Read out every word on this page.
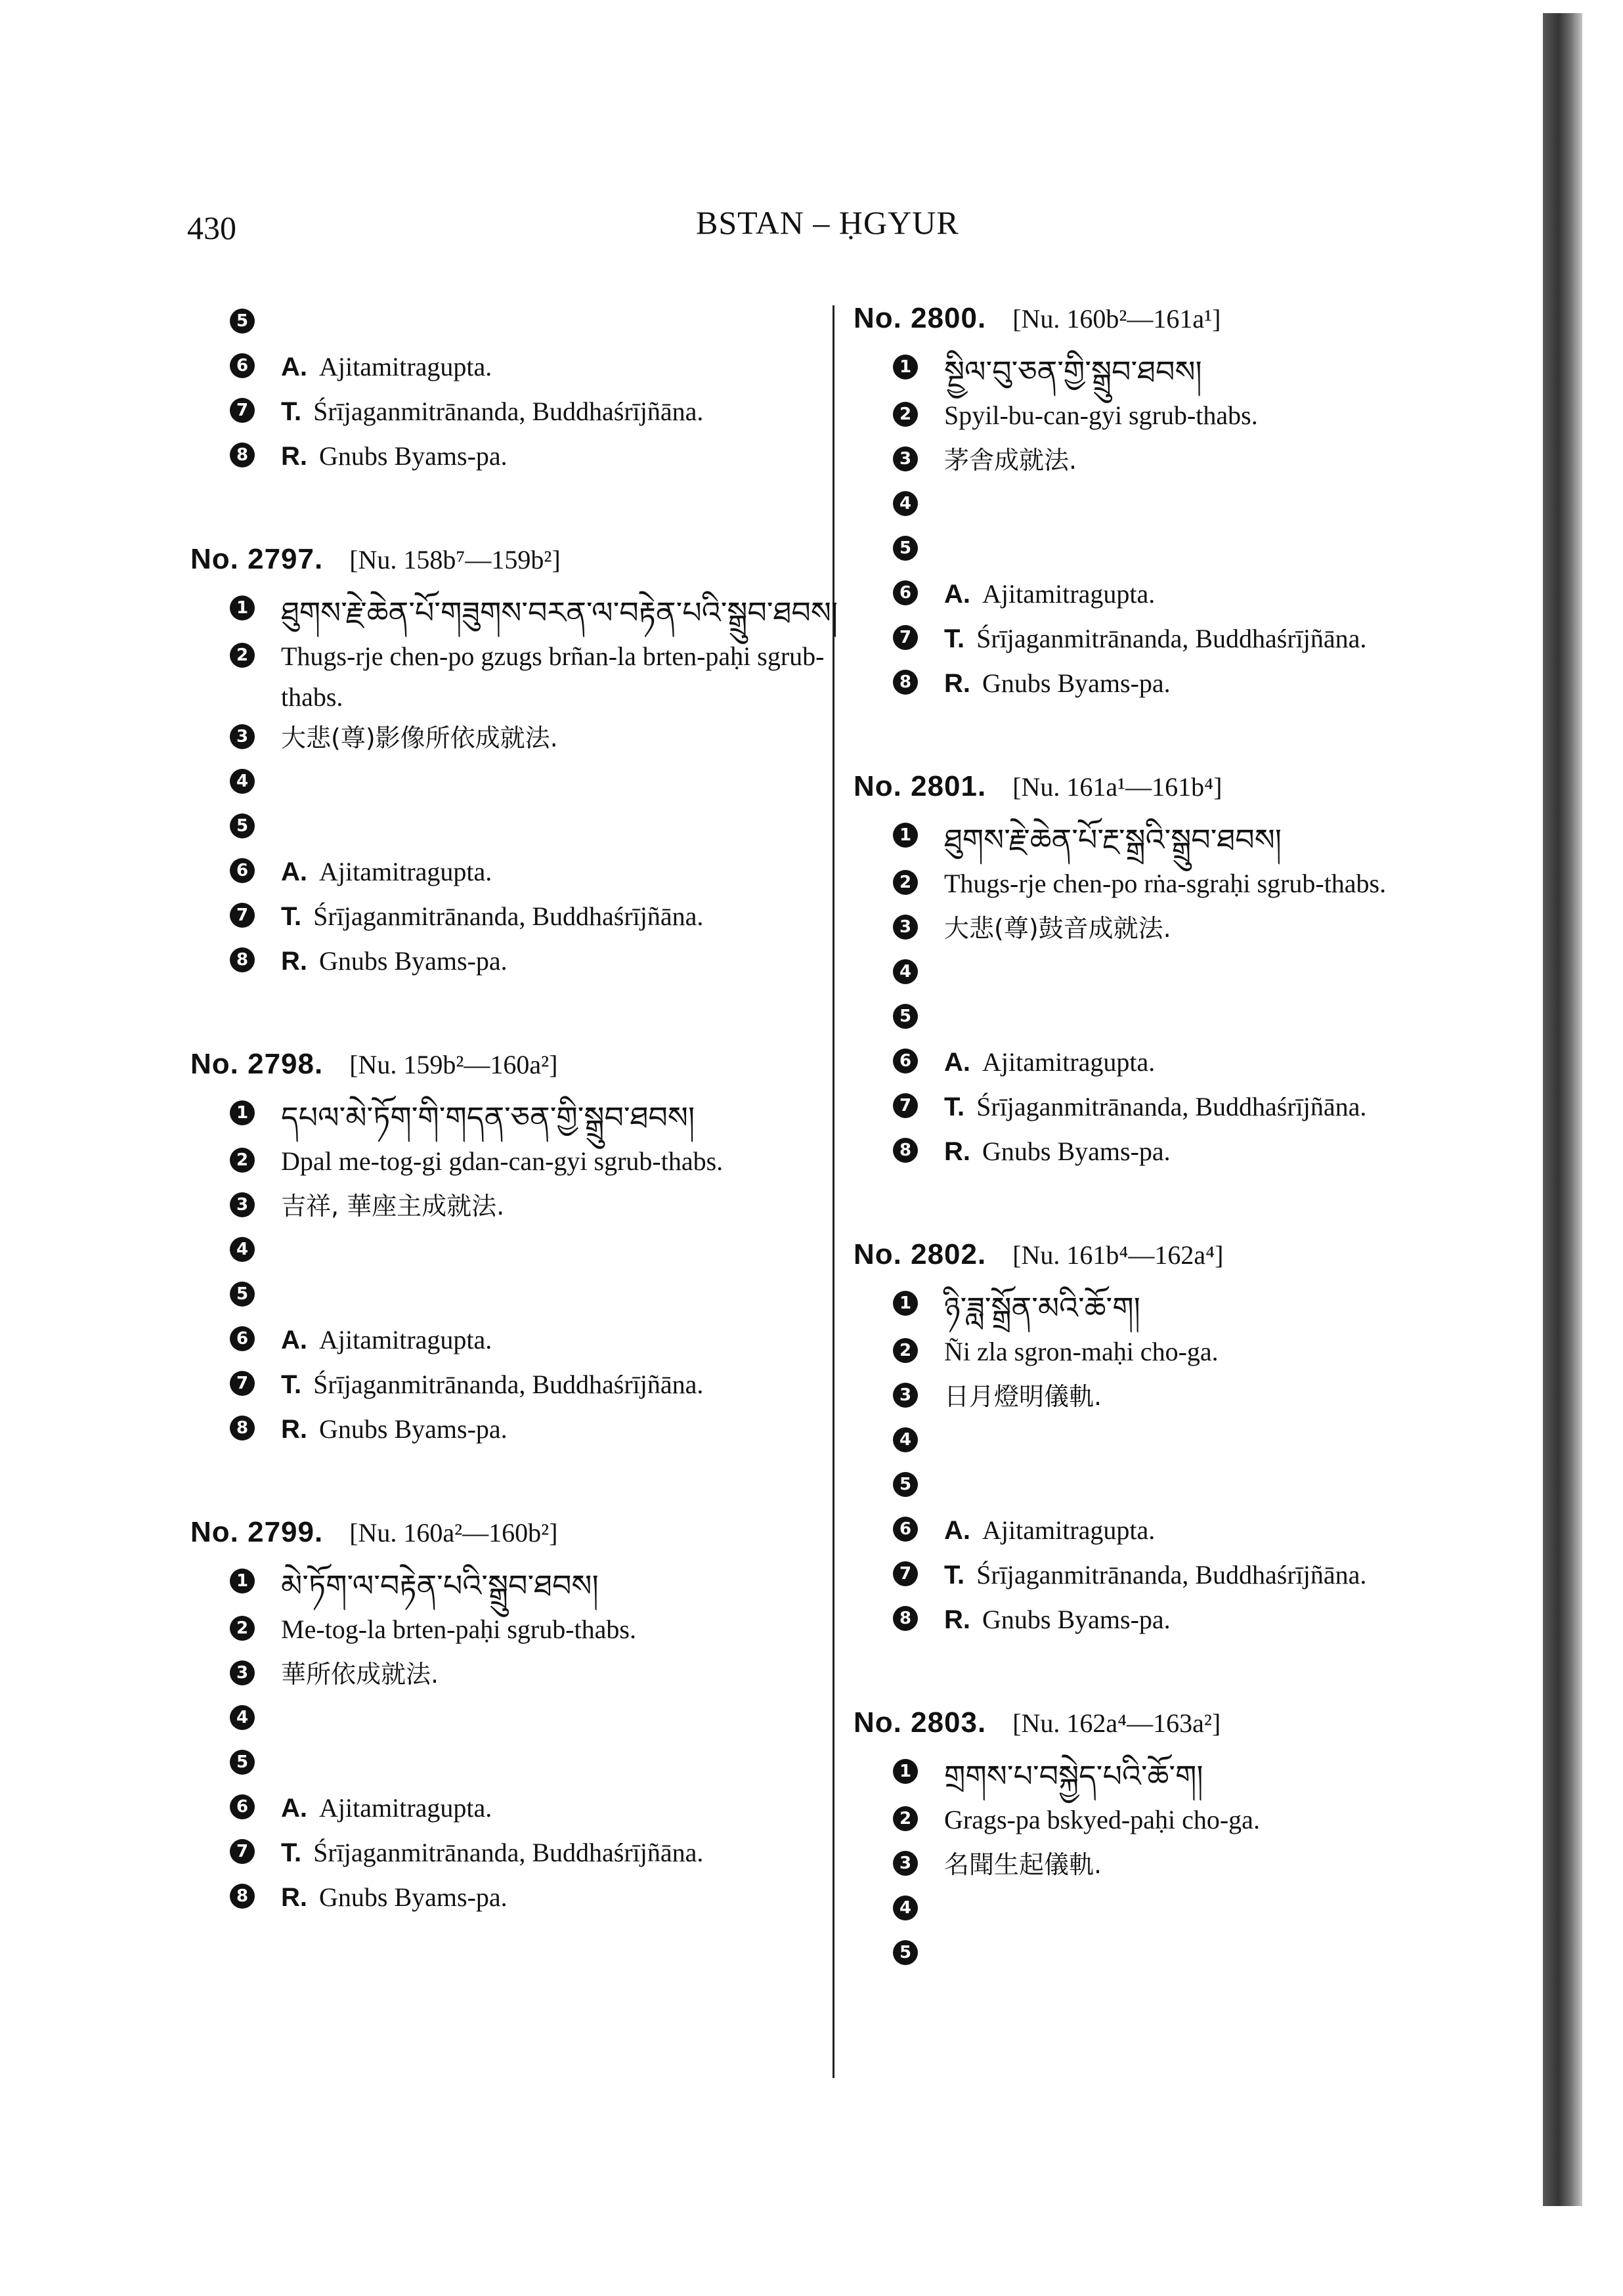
430	BSTAN – ḤGYUR
5
6 A. Ajitamitragupta.
7 T. Śrījaganmitrānanda, Buddhaśrījñāna.
8 R. Gnubs Byams-pa.
No. 2797. [Nu. 158b⁷—159b²]
1 ཐུགས་རྗེ་ཆེན་པོ་གཟུགས་བརན་ལ་བརྟེན་པའི་སྒྲུབ་ཐབས།
2 Thugs-rje chen-po gzugs brñan-la brten-paḥi sgrub-thabs.
3 大悲(尊)影像所依成就法.
4
5
6 A. Ajitamitragupta.
7 T. Śrījaganmitrānanda, Buddhaśrījñāna.
8 R. Gnubs Byams-pa.
No. 2798. [Nu. 159b²—160a²]
1 དཔལ་མེ་ཏོག་གི་གདན་ཅན་གྱི་སྒྲུབ་ཐབས།
2 Dpal me-tog-gi gdan-can-gyi sgrub-thabs.
3 吉祥, 華座主成就法.
4
5
6 A. Ajitamitragupta.
7 T. Śrījaganmitrānanda, Buddhaśrījñāna.
8 R. Gnubs Byams-pa.
No. 2799. [Nu. 160a²—160b²]
1 མེ་ཏོག་ལ་བརྟེན་པའི་སྒྲུབ་ཐབས།
2 Me-tog-la brten-paḥi sgrub-thabs.
3 華所依成就法.
4
5
6 A. Ajitamitragupta.
7 T. Śrījaganmitrānanda, Buddhaśrījñāna.
8 R. Gnubs Byams-pa.
No. 2800. [Nu. 160b²—161a¹]
1 སྔྱིལ་བུ་ཅན་གྱི་སྒྲུབ་ཐབས།
2 Spyil-bu-can-gyi sgrub-thabs.
3 茅舎成就法.
4
5
6 A. Ajitamitragupta.
7 T. Śrījaganmitrānanda, Buddhaśrījñāna.
8 R. Gnubs Byams-pa.
No. 2801. [Nu. 161a¹—161b⁴]
1 ཐུགས་རྗེ་ཆེན་པོ་རྔ་སྒྲའི་སྒྲུབ་ཐབས།
2 Thugs-rje chen-po rṅa-sgraḥi sgrub-thabs.
3 大悲(尊)鼓音成就法.
4
5
6 A. Ajitamitragupta.
7 T. Śrījaganmitrānanda, Buddhaśrījñāna.
8 R. Gnubs Byams-pa.
No. 2802. [Nu. 161b⁴—162a⁴]
1 ཉི་ཟླ་སྒྲོན་མའི་ཆོ་ག།
2 Ñi zla sgron-maḥi cho-ga.
3 日月燈明儀軌.
4
5
6 A. Ajitamitragupta.
7 T. Śrījaganmitrānanda, Buddhaśrījñāna.
8 R. Gnubs Byams-pa.
No. 2803. [Nu. 162a⁴—163a²]
1 གྲགས་པ་བསྐྱེད་པའི་ཆོ་ག།
2 Grags-pa bskyed-paḥi cho-ga.
3 名聞生起儀軌.
4
5
